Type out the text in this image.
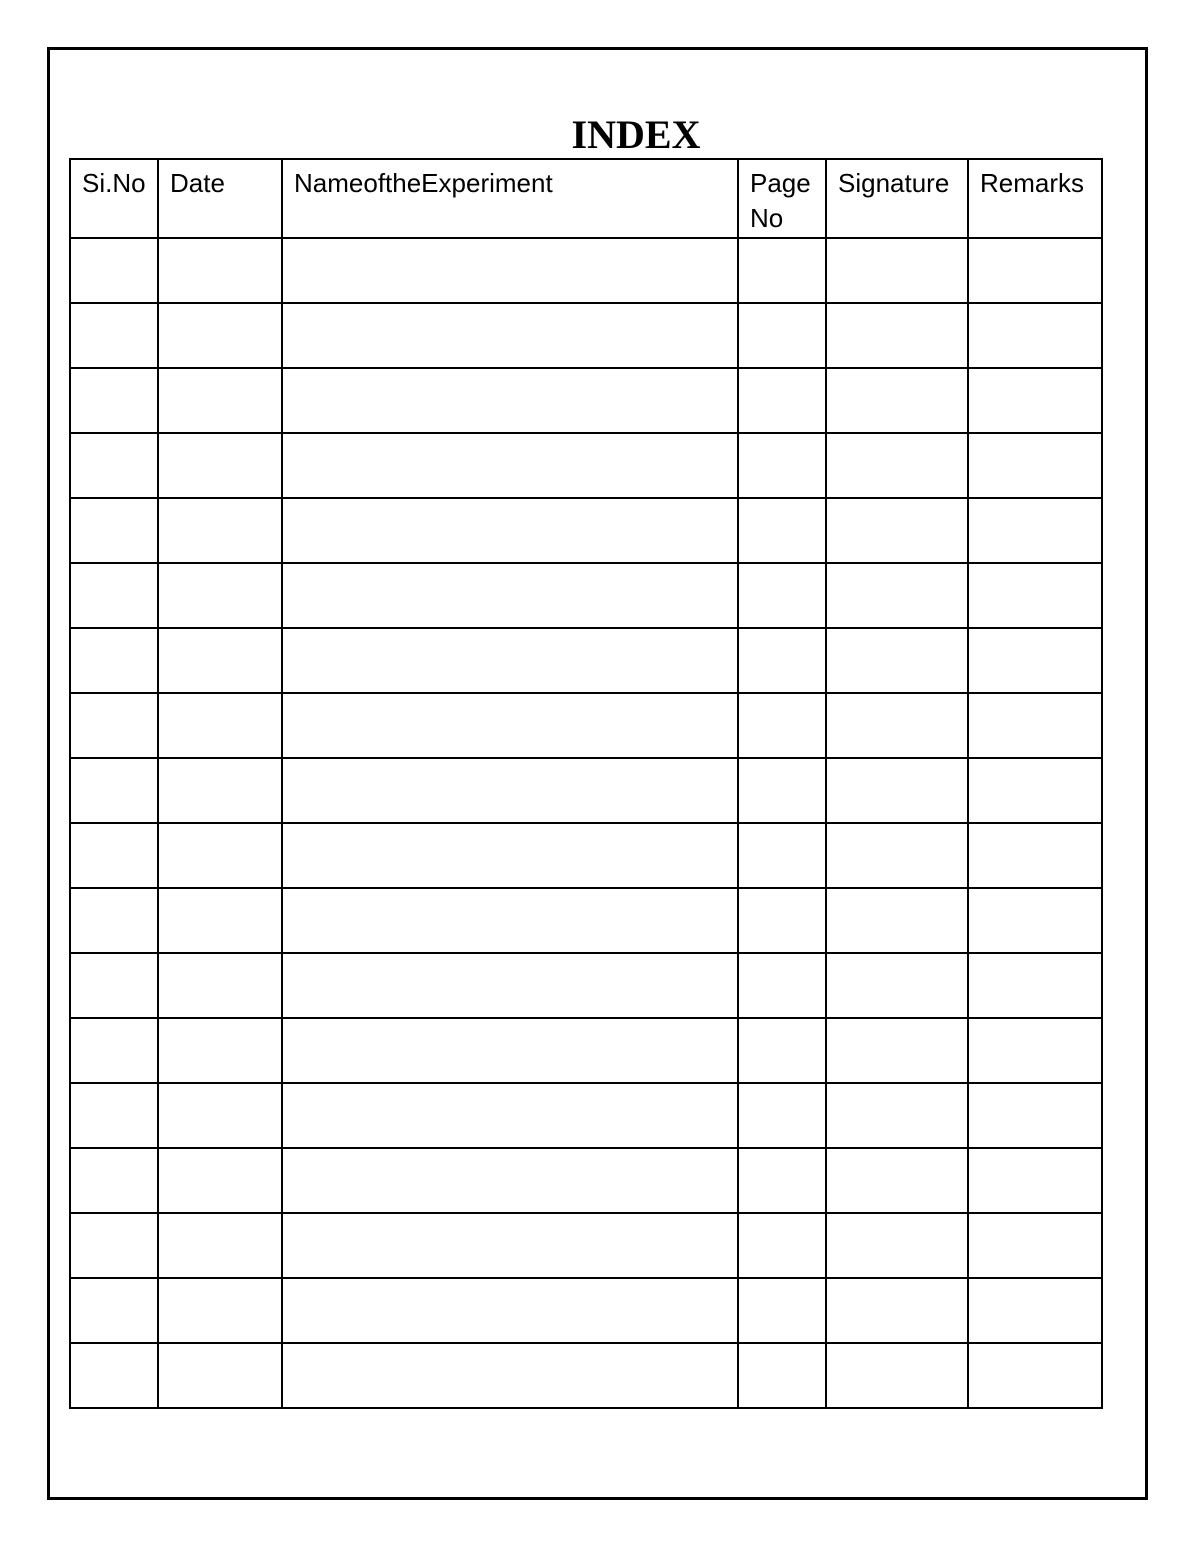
INDEX
Si.No	Date	NameoftheExperiment	Page No	Signature	Remarks
